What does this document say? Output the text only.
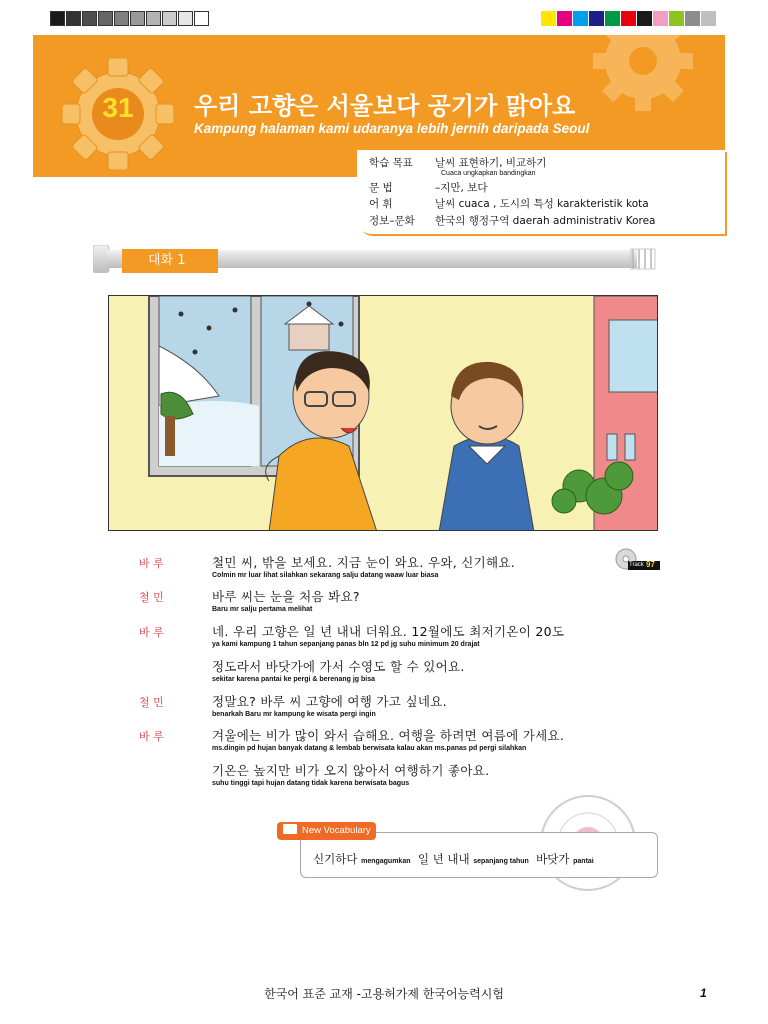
31	우리 고향은 서울보다 공기가 맑아요
Kampung halaman kami udaranya lebih jernih daripada Seoul
학습 목표 날씨 표현하기, 비교하기
Cuaca ungkapkan bandingkan
문 법	–지만, 보다
어 휘	날씨 cuaca , 도시의 특성 karakteristik kota
정보–문화 한국의 행정구역 daerah administrativ Korea
대화 1
Track 97
바 루	철민 씨, 밖을 보세요. 지금 눈이 와요. 우와, 신기해요.
Colmin mr luar lihat silahkan sekarang salju datang waaw luar biasa
철 민	바루 씨는 눈을 처음 봐요?
Baru mr salju pertama melihat
바 루	네. 우리 고향은 일 년 내내 더워요. 12월에도 최저기온이 20도
ya kami kampung 1 tahun sepanjang panas bln 12 pd jg suhu minimum 20 drajat
정도라서 바닷가에 가서 수영도 할 수 있어요.
sekitar karena pantai ke pergi & berenang jg bisa
철 민	정말요? 바루 씨 고향에 여행 가고 싶네요.
benarkah Baru mr kampung ke wisata pergi ingin
바 루	겨울에는 비가 많이 와서 습해요. 여행을 하려면 여름에 가세요.
ms.dingin pd hujan banyak datang & lembab berwisata kalau akan ms.panas pd pergi silahkan
기온은 높지만 비가 오지 않아서 여행하기 좋아요.
suhu tinggi tapi hujan datang tidak karena berwisata bagus
New Vocabulary
신기하다 mengagumkan 일 년 내내 sepanjang tahun 바닷가 pantai
한국어 표준 교재 -고용허가제 한국어능력시험	1
